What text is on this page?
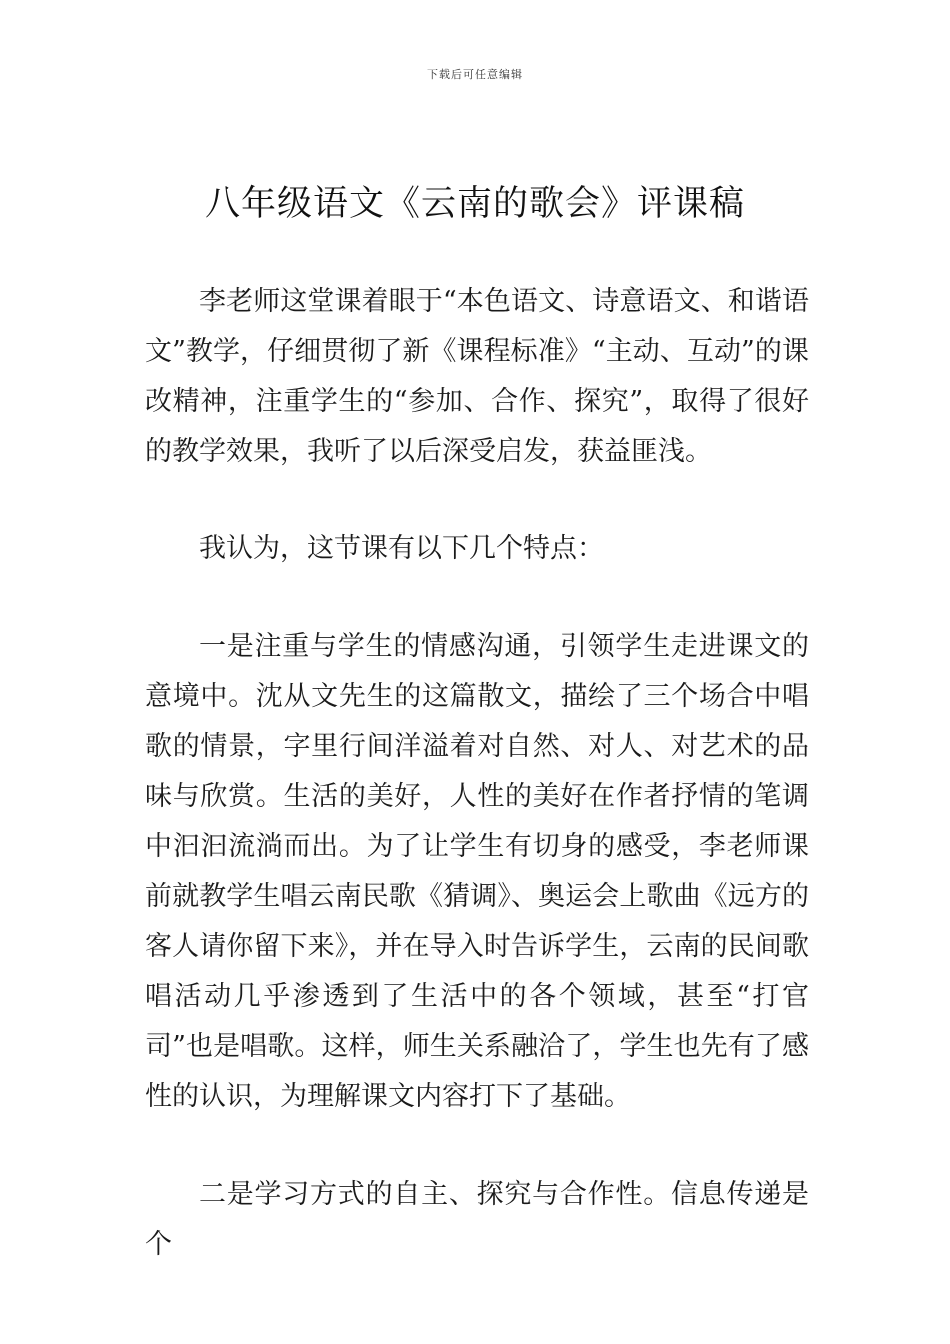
下载后可任意编辑
八年级语文《云南的歌会》评课稿

李老师这堂课着眼于“本色语文、诗意语文、和谐语文”教学，仔细贯彻了新《课程标准》“主动、互动”的课改精神，注重学生的“参加、合作、探究”，取得了很好的教学效果，我听了以后深受启发，获益匪浅。

我认为，这节课有以下几个特点：

一是注重与学生的情感沟通，引领学生走进课文的意境中。沈从文先生的这篇散文，描绘了三个场合中唱歌的情景，字里行间洋溢着对自然、对人、对艺术的品味与欣赏。生活的美好，人性的美好在作者抒情的笔调中汩汩流淌而出。为了让学生有切身的感受，李老师课前就教学生唱云南民歌《猜调》、奥运会上歌曲《远方的客人请你留下来》，并在导入时告诉学生，云南的民间歌唱活动几乎渗透到了生活中的各个领域，甚至“打官司”也是唱歌。这样，师生关系融洽了，学生也先有了感性的认识，为理解课文内容打下了基础。

二是学习方式的自主、探究与合作性。信息传递是个
